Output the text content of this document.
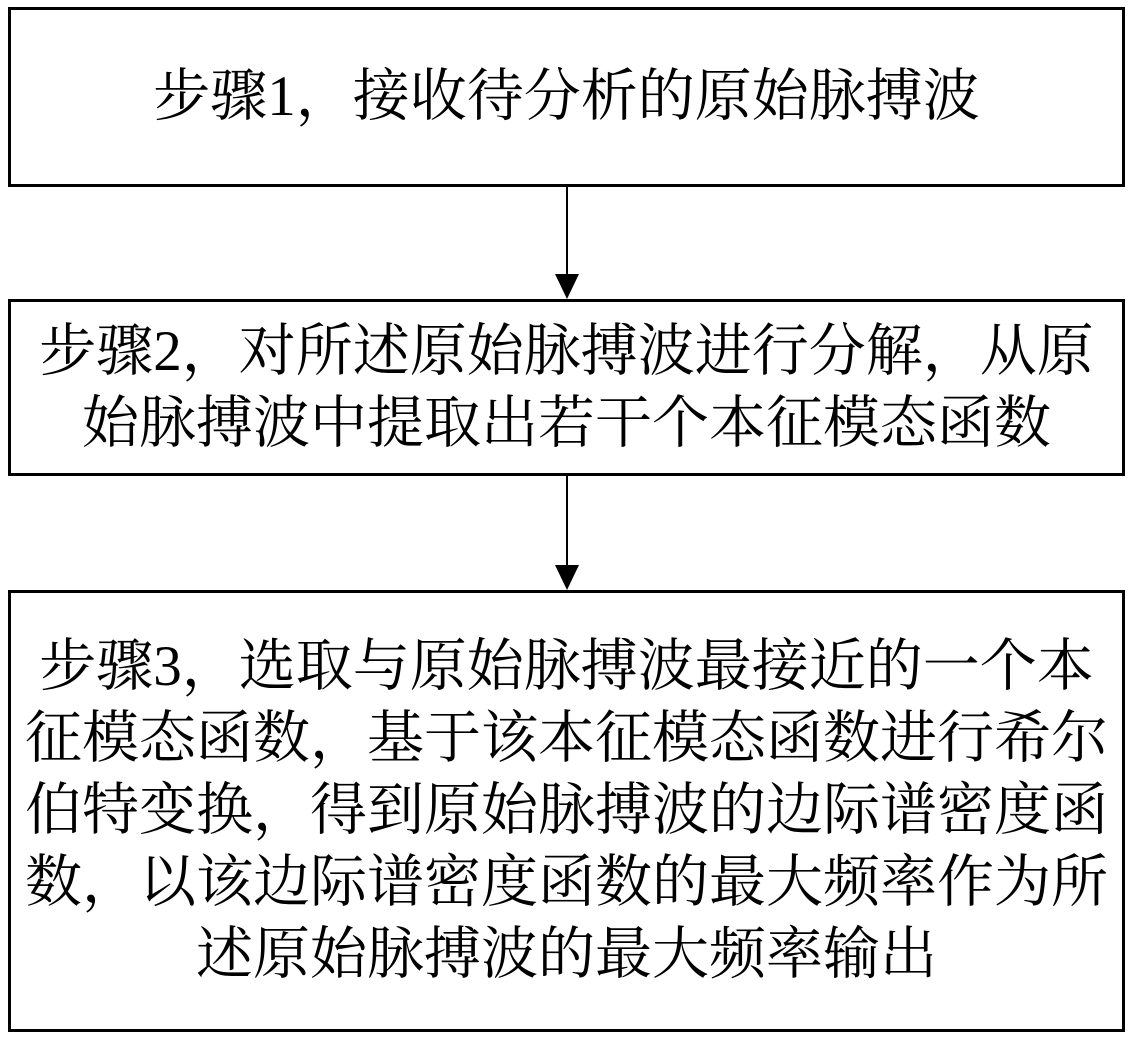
步骤1，接收待分析的原始脉搏波
步骤2，对所述原始脉搏波进行分解，从原始脉搏波中提取出若干个本征模态函数
步骤3，选取与原始脉搏波最接近的一个本征模态函数，基于该本征模态函数进行希尔伯特变换，得到原始脉搏波的边际谱密度函数，以该边际谱密度函数的最大频率作为所述原始脉搏波的最大频率输出
